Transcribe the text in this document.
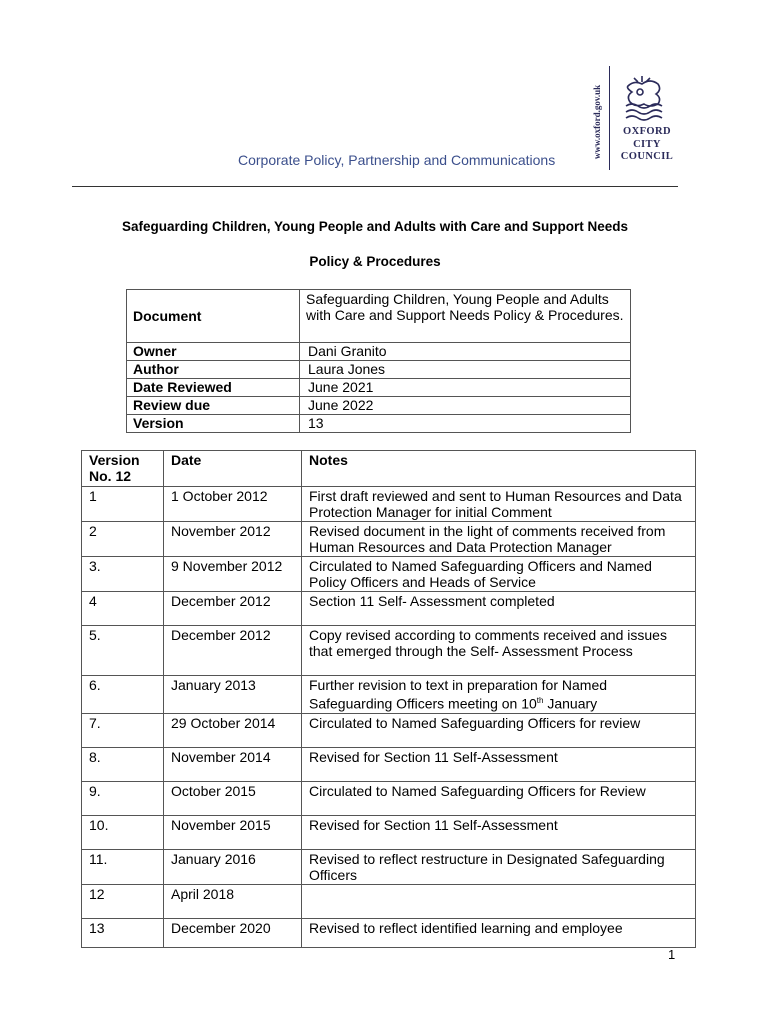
Corporate Policy, Partnership and Communications
www.oxford.gov.uk	OXFORD
CITY
COUNCIL
Safeguarding Children, Young People and Adults with Care and Support Needs
Policy & Procedures
Document	Safeguarding Children, Young People and Adults with Care and Support Needs Policy & Procedures.
Owner	Dani Granito
Author	Laura Jones
Date Reviewed	June 2021
Review due	June 2022
Version	13
Version No. 12	Date	Notes
1	1 October 2012	First draft reviewed and sent to Human Resources and Data Protection Manager for initial Comment
2	November 2012	Revised document in the light of comments received from Human Resources and Data Protection Manager
3.	9 November 2012	Circulated to Named Safeguarding Officers and Named Policy Officers and Heads of Service
4	December 2012	Section 11 Self- Assessment completed
5.	December 2012	Copy revised according to comments received and issues that emerged through the Self- Assessment Process
6.	January 2013	Further revision to text in preparation for Named Safeguarding Officers meeting on 10th January
7.	29 October 2014	Circulated to Named Safeguarding Officers for review
8.	November 2014	Revised for Section 11 Self-Assessment
9.	October 2015	Circulated to Named Safeguarding Officers for Review
10.	November 2015	Revised for Section 11 Self-Assessment
11.	January 2016	Revised to reflect restructure in Designated Safeguarding Officers
12	April 2018	
13	December 2020	Revised to reflect identified learning and employee
1
